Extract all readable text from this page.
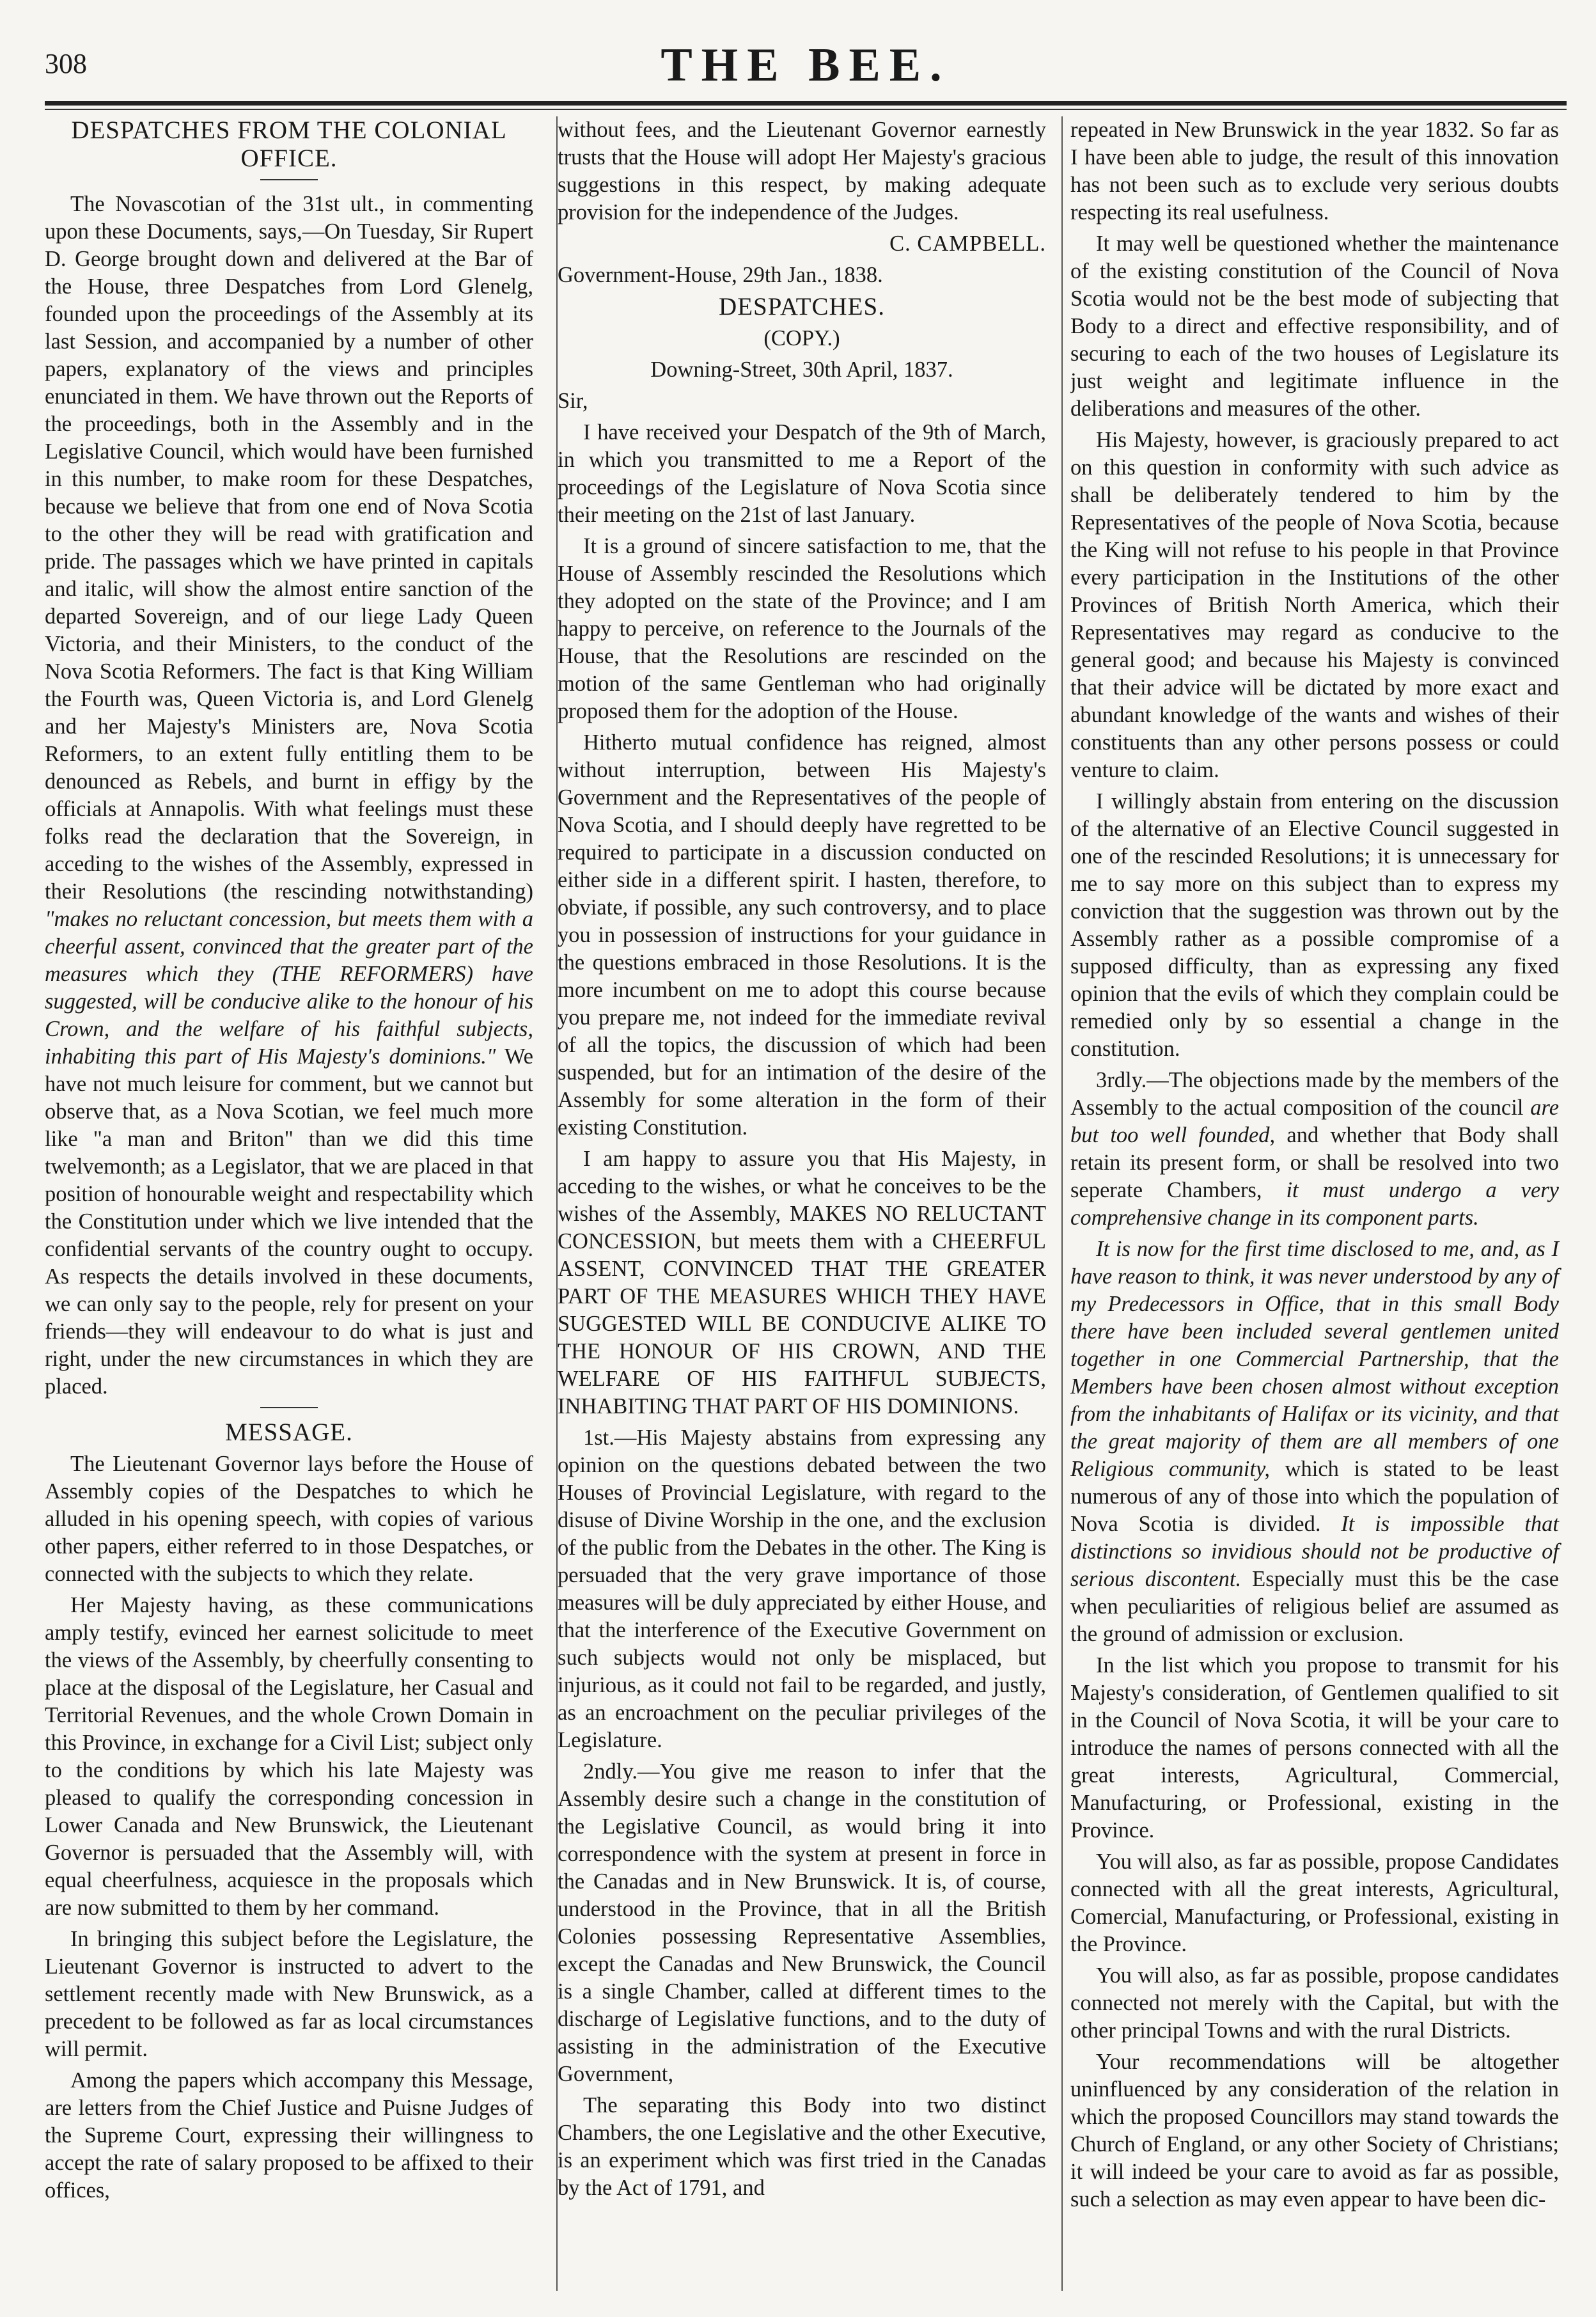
308	THE BEE.
DESPATCHES FROM THE COLONIAL OFFICE.

The Novascotian of the 31st ult., in commenting upon these Documents, says,—On Tuesday, Sir Rupert D. George brought down and delivered at the Bar of the House, three Despatches from Lord Glenelg, founded upon the proceedings of the Assembly at its last Session, and accompanied by a number of other papers, explanatory of the views and principles enunciated in them. We have thrown out the Reports of the proceedings, both in the Assembly and in the Legislative Council, which would have been furnished in this number, to make room for these Despatches, because we believe that from one end of Nova Scotia to the other they will be read with gratification and pride. The passages which we have printed in capitals and italic, will show the almost entire sanction of the departed Sovereign, and of our liege Lady Queen Victoria, and their Ministers, to the conduct of the Nova Scotia Reformers. The fact is that King William the Fourth was, Queen Victoria is, and Lord Glenelg and her Majesty's Ministers are, Nova Scotia Reformers, to an extent fully entitling them to be denounced as Rebels, and burnt in effigy by the officials at Annapolis. With what feelings must these folks read the declaration that the Sovereign, in acceding to the wishes of the Assembly, expressed in their Resolutions (the rescinding notwithstanding) "makes no reluctant concession, but meets them with a cheerful assent, convinced that the greater part of the measures which they (THE REFORMERS) have suggested, will be conducive alike to the honour of his Crown, and the welfare of his faithful subjects, inhabiting this part of His Majesty's dominions." We have not much leisure for comment, but we cannot but observe that, as a Nova Scotian, we feel much more like "a man and Briton" than we did this time twelvemonth; as a Legislator, that we are placed in that position of honourable weight and respectability which the Constitution under which we live intended that the confidential servants of the country ought to occupy. As respects the details involved in these documents, we can only say to the people, rely for present on your friends—they will endeavour to do what is just and right, under the new circumstances in which they are placed.

MESSAGE.

The Lieutenant Governor lays before the House of Assembly copies of the Despatches to which he alluded in his opening speech, with copies of various other papers, either referred to in those Despatches, or connected with the subjects to which they relate.

Her Majesty having, as these communications amply testify, evinced her earnest solicitude to meet the views of the Assembly, by cheerfully consenting to place at the disposal of the Legislature, her Casual and Territorial Revenues, and the whole Crown Domain in this Province, in exchange for a Civil List; subject only to the conditions by which his late Majesty was pleased to qualify the corresponding concession in Lower Canada and New Brunswick, the Lieutenant Governor is persuaded that the Assembly will, with equal cheerfulness, acquiesce in the proposals which are now submitted to them by her command.

In bringing this subject before the Legislature, the Lieutenant Governor is instructed to advert to the settlement recently made with New Brunswick, as a precedent to be followed as far as local circumstances will permit.

Among the papers which accompany this Message, are letters from the Chief Justice and Puisne Judges of the Supreme Court, expressing their willingness to accept the rate of salary proposed to be affixed to their offices,

without fees, and the Lieutenant Governor earnestly trusts that the House will adopt Her Majesty's gracious suggestions in this respect, by making adequate provision for the independence of the Judges.

C. CAMPBELL.

Government-House, 29th Jan., 1838.

DESPATCHES.

(COPY.)

Downing-Street, 30th April, 1837.

Sir,

I have received your Despatch of the 9th of March, in which you transmitted to me a Report of the proceedings of the Legislature of Nova Scotia since their meeting on the 21st of last January.

It is a ground of sincere satisfaction to me, that the House of Assembly rescinded the Resolutions which they adopted on the state of the Province; and I am happy to perceive, on reference to the Journals of the House, that the Resolutions are rescinded on the motion of the same Gentleman who had originally proposed them for the adoption of the House.

Hitherto mutual confidence has reigned, almost without interruption, between His Majesty's Government and the Representatives of the people of Nova Scotia, and I should deeply have regretted to be required to participate in a discussion conducted on either side in a different spirit. I hasten, therefore, to obviate, if possible, any such controversy, and to place you in possession of instructions for your guidance in the questions embraced in those Resolutions. It is the more incumbent on me to adopt this course because you prepare me, not indeed for the immediate revival of all the topics, the discussion of which had been suspended, but for an intimation of the desire of the Assembly for some alteration in the form of their existing Constitution.

I am happy to assure you that His Majesty, in acceding to the wishes, or what he conceives to be the wishes of the Assembly, MAKES NO RELUCTANT CONCESSION, but meets them with a CHEERFUL ASSENT, CONVINCED THAT THE GREATER PART OF THE MEASURES WHICH THEY HAVE SUGGESTED WILL BE CONDUCIVE ALIKE TO THE HONOUR OF HIS CROWN, AND THE WELFARE OF HIS FAITHFUL SUBJECTS, INHABITING THAT PART OF HIS DOMINIONS.

1st.—His Majesty abstains from expressing any opinion on the questions debated between the two Houses of Provincial Legislature, with regard to the disuse of Divine Worship in the one, and the exclusion of the public from the Debates in the other. The King is persuaded that the very grave importance of those measures will be duly appreciated by either House, and that the interference of the Executive Government on such subjects would not only be misplaced, but injurious, as it could not fail to be regarded, and justly, as an encroachment on the peculiar privileges of the Legislature.

2ndly.—You give me reason to infer that the Assembly desire such a change in the constitution of the Legislative Council, as would bring it into correspondence with the system at present in force in the Canadas and in New Brunswick. It is, of course, understood in the Province, that in all the British Colonies possessing Representative Assemblies, except the Canadas and New Brunswick, the Council is a single Chamber, called at different times to the discharge of Legislative functions, and to the duty of assisting in the administration of the Executive Government,

The separating this Body into two distinct Chambers, the one Legislative and the other Executive, is an experiment which was first tried in the Canadas by the Act of 1791, and

repeated in New Brunswick in the year 1832. So far as I have been able to judge, the result of this innovation has not been such as to exclude very serious doubts respecting its real usefulness.

It may well be questioned whether the maintenance of the existing constitution of the Council of Nova Scotia would not be the best mode of subjecting that Body to a direct and effective responsibility, and of securing to each of the two houses of Legislature its just weight and legitimate influence in the deliberations and measures of the other.

His Majesty, however, is graciously prepared to act on this question in conformity with such advice as shall be deliberately tendered to him by the Representatives of the people of Nova Scotia, because the King will not refuse to his people in that Province every participation in the Institutions of the other Provinces of British North America, which their Representatives may regard as conducive to the general good; and because his Majesty is convinced that their advice will be dictated by more exact and abundant knowledge of the wants and wishes of their constituents than any other persons possess or could venture to claim.

I willingly abstain from entering on the discussion of the alternative of an Elective Council suggested in one of the rescinded Resolutions; it is unnecessary for me to say more on this subject than to express my conviction that the suggestion was thrown out by the Assembly rather as a possible compromise of a supposed difficulty, than as expressing any fixed opinion that the evils of which they complain could be remedied only by so essential a change in the constitution.

3rdly.—The objections made by the members of the Assembly to the actual composition of the council are but too well founded, and whether that Body shall retain its present form, or shall be resolved into two seperate Chambers, it must undergo a very comprehensive change in its component parts.

It is now for the first time disclosed to me, and, as I have reason to think, it was never understood by any of my Predecessors in Office, that in this small Body there have been included several gentlemen united together in one Commercial Partnership, that the Members have been chosen almost without exception from the inhabitants of Halifax or its vicinity, and that the great majority of them are all members of one Religious community, which is stated to be least numerous of any of those into which the population of Nova Scotia is divided. It is impossible that distinctions so invidious should not be productive of serious discontent. Especially must this be the case when peculiarities of religious belief are assumed as the ground of admission or exclusion.

In the list which you propose to transmit for his Majesty's consideration, of Gentlemen qualified to sit in the Council of Nova Scotia, it will be your care to introduce the names of persons connected with all the great interests, Agricultural, Commercial, Manufacturing, or Professional, existing in the Province.

You will also, as far as possible, propose Candidates connected with all the great interests, Agricultural, Comercial, Manufacturing, or Professional, existing in the Province.

You will also, as far as possible, propose candidates connected not merely with the Capital, but with the other principal Towns and with the rural Districts.

Your recommendations will be altogether uninfluenced by any consideration of the relation in which the proposed Councillors may stand towards the Church of England, or any other Society of Christians; it will indeed be your care to avoid as far as possible, such a selection as may even appear to have been dic-
